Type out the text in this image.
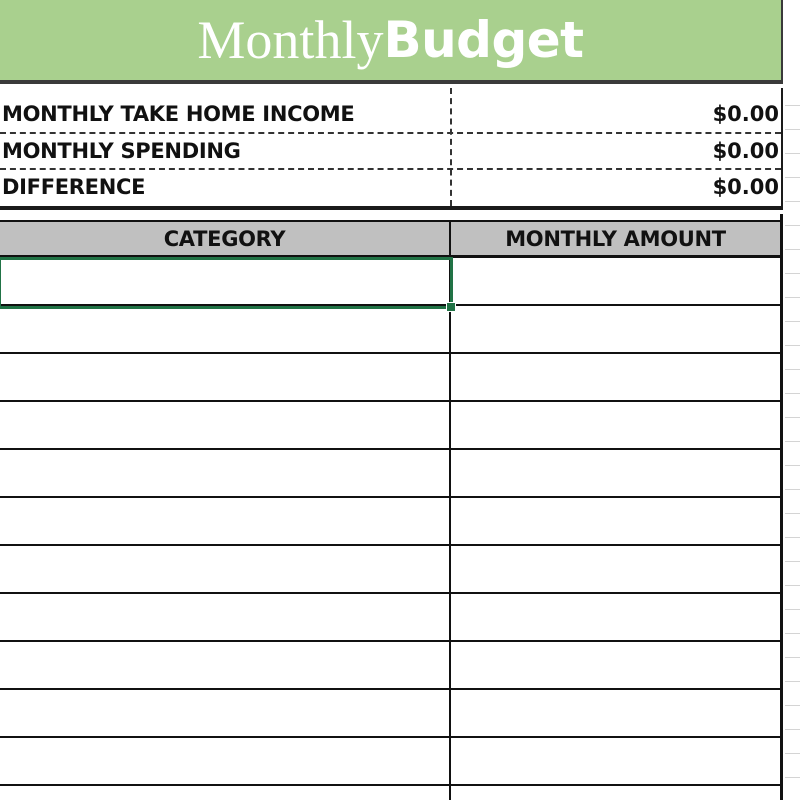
Monthly Budget
MONTHLY TAKE HOME INCOME	$0.00
MONTHLY SPENDING	$0.00
DIFFERENCE	$0.00
CATEGORY	MONTHLY AMOUNT
